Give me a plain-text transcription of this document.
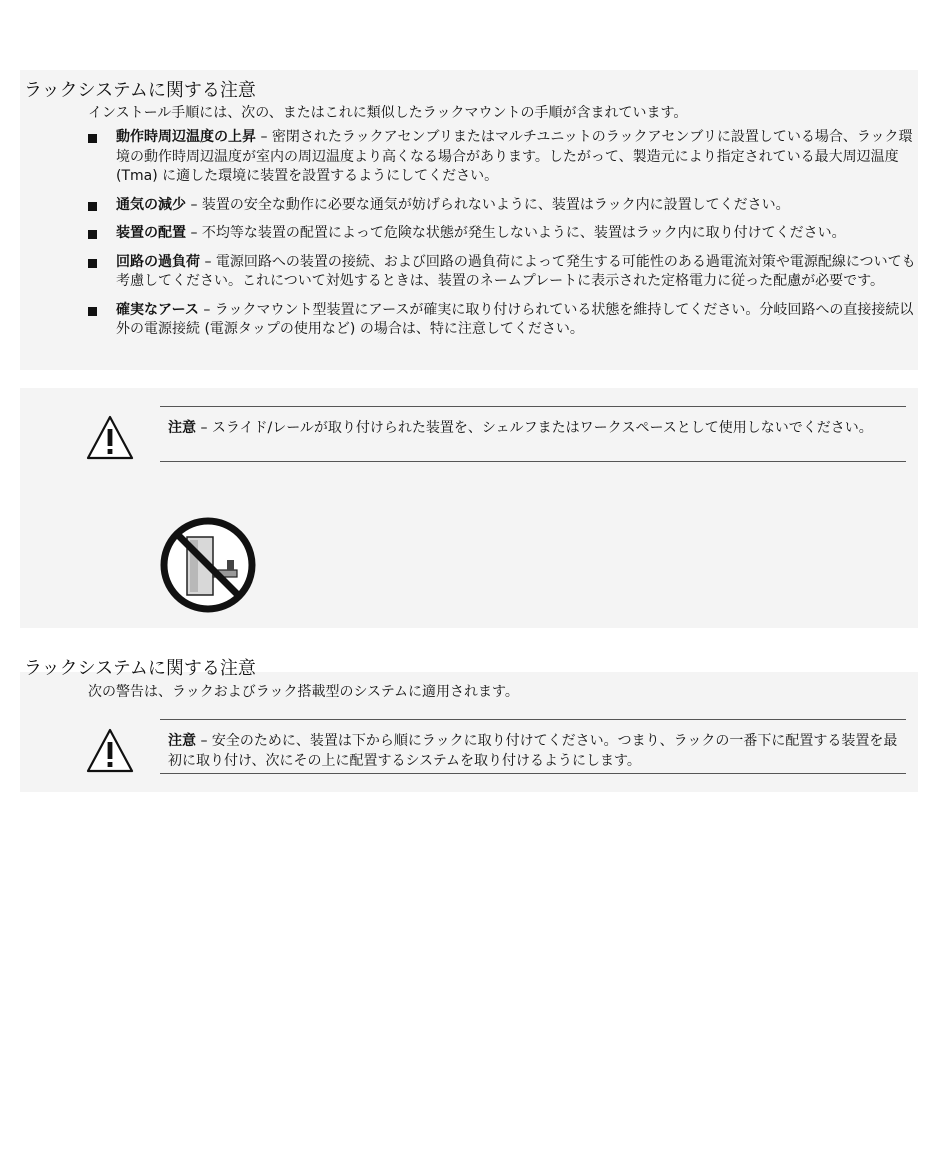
ラックシステムに関する注意

インストール手順には、次の、またはこれに類似したラックマウントの手順が含まれています。

動作時周辺温度の上昇 – 密閉されたラックアセンブリまたはマルチユニットのラックアセンブリに設置している場合、ラック環境の動作時周辺温度が室内の周辺温度より高くなる場合があります。したがって、製造元により指定されている最大周辺温度 (Tma) に適した環境に装置を設置するようにしてください。
通気の減少 – 装置の安全な動作に必要な通気が妨げられないように、装置はラック内に設置してください。
装置の配置 – 不均等な装置の配置によって危険な状態が発生しないように、装置はラック内に取り付けてください。
回路の過負荷 – 電源回路への装置の接続、および回路の過負荷によって発生する可能性のある過電流対策や電源配線についても考慮してください。これについて対処するときは、装置のネームプレートに表示された定格電力に従った配慮が必要です。
確実なアース – ラックマウント型装置にアースが確実に取り付けられている状態を維持してください。分岐回路への直接接続以外の電源接続 (電源タップの使用など) の場合は、特に注意してください。

注意 – スライド/レールが取り付けられた装置を、シェルフまたはワークスペースとして使用しないでください。

ラックシステムに関する注意

次の警告は、ラックおよびラック搭載型のシステムに適用されます。

注意 – 安全のために、装置は下から順にラックに取り付けてください。つまり、ラックの一番下に配置する装置を最初に取り付け、次にその上に配置するシステムを取り付けるようにします。
